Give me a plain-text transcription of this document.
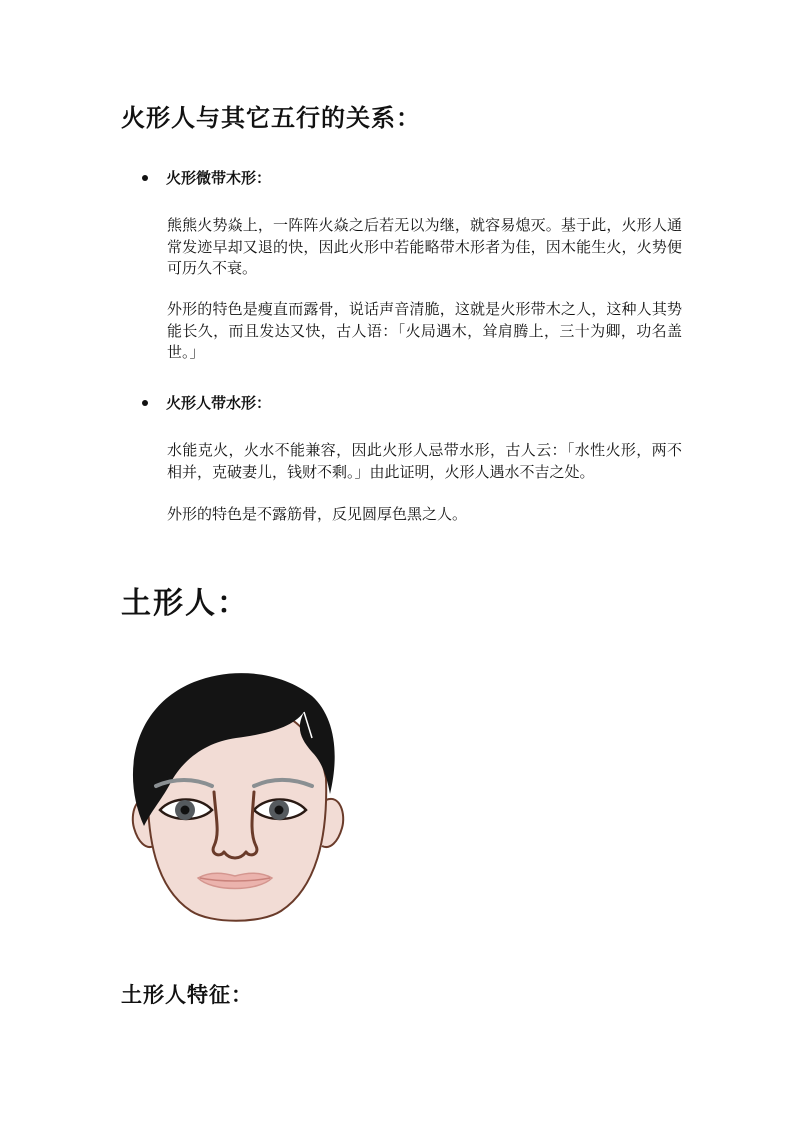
火形人与其它五行的关系：
火形微带木形：

熊熊火势焱上，一阵阵火焱之后若无以为继，就容易熄灭。基于此，火形人通常发迹早却又退的快，因此火形中若能略带木形者为佳，因木能生火，火势便可历久不衰。

外形的特色是瘦直而露骨，说话声音清脆，这就是火形带木之人，这种人其势能长久，而且发达又快，古人语：「火局遇木，耸肩腾上，三十为卿，功名盖世。」

火形人带水形：

水能克火，火水不能兼容，因此火形人忌带水形，古人云：「水性火形，两不相并，克破妻儿，钱财不剩。」由此证明，火形人遇水不吉之处。

外形的特色是不露筋骨，反见圆厚色黑之人。

土形人：
土形人特征：
